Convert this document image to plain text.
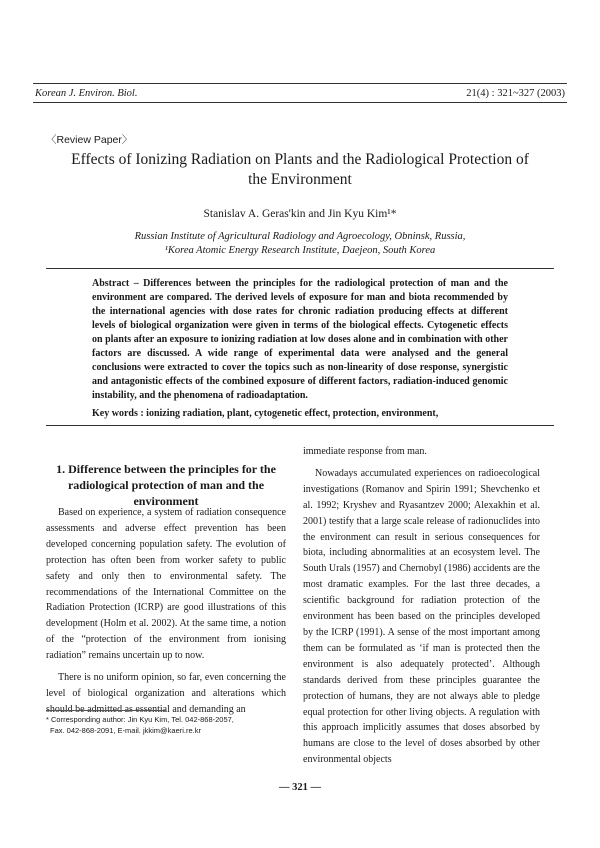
Korean J. Environ. Biol.	21(4) : 321~327 (2003)
〈Review Paper〉
Effects of Ionizing Radiation on Plants and the Radiological Protection of the Environment
Stanislav A. Geras'kin and Jin Kyu Kim¹*
Russian Institute of Agricultural Radiology and Agroecology, Obninsk, Russia,
¹Korea Atomic Energy Research Institute, Daejeon, South Korea
Abstract – Differences between the principles for the radiological protection of man and the environment are compared. The derived levels of exposure for man and biota recommended by the international agencies with dose rates for chronic radiation producing effects at different levels of biological organization were given in terms of the biological effects. Cytogenetic effects on plants after an exposure to ionizing radiation at low doses alone and in combination with other factors are discussed. A wide range of experimental data were analysed and the general conclusions were extracted to cover the topics such as non-linearity of dose response, synergistic and antagonistic effects of the combined exposure of different factors, radiation-induced genomic instability, and the phenomena of radioadaptation.
Key words : ionizing radiation, plant, cytogenetic effect, protection, environment,
1. Difference between the principles for the radiological protection of man and the environment

Based on experience, a system of radiation consequence assessments and adverse effect prevention has been developed concerning population safety. The evolution of protection has often been from worker safety to public safety and only then to environmental safety. The recommendations of the International Committee on the Radiation Protection (ICRP) are good illustrations of this development (Holm et al. 2002). At the same time, a notion of the “protection of the environment from ionising radiation” remains uncertain up to now.

There is no uniform opinion, so far, even concerning the level of biological organization and alterations which should be admitted as essential and demanding an

immediate response from man.

Nowadays accumulated experiences on radioecological investigations (Romanov and Spirin 1991; Shevchenko et al. 1992; Kryshev and Ryasantzev 2000; Alexakhin et al. 2001) testify that a large scale release of radionuclides into the environment can result in serious consequences for biota, including abnormalities at an ecosystem level. The South Urals (1957) and Chernobyl (1986) accidents are the most dramatic examples. For the last three decades, a scientific background for radiation protection of the environment has been based on the principles developed by the ICRP (1991). A sense of the most important among them can be formulated as ‘if man is protected then the environment is also adequately protected’. Although standards derived from these principles guarantee the protection of humans, they are not always able to pledge equal protection for other living objects. A regulation with this approach implicitly assumes that doses absorbed by humans are close to the level of doses absorbed by other environmental objects

* Corresponding author: Jin Kyu Kim, Tel. 042-868-2057,
Fax. 042-868-2091, E-mail. jkkim@kaeri.re.kr
— 321 —
